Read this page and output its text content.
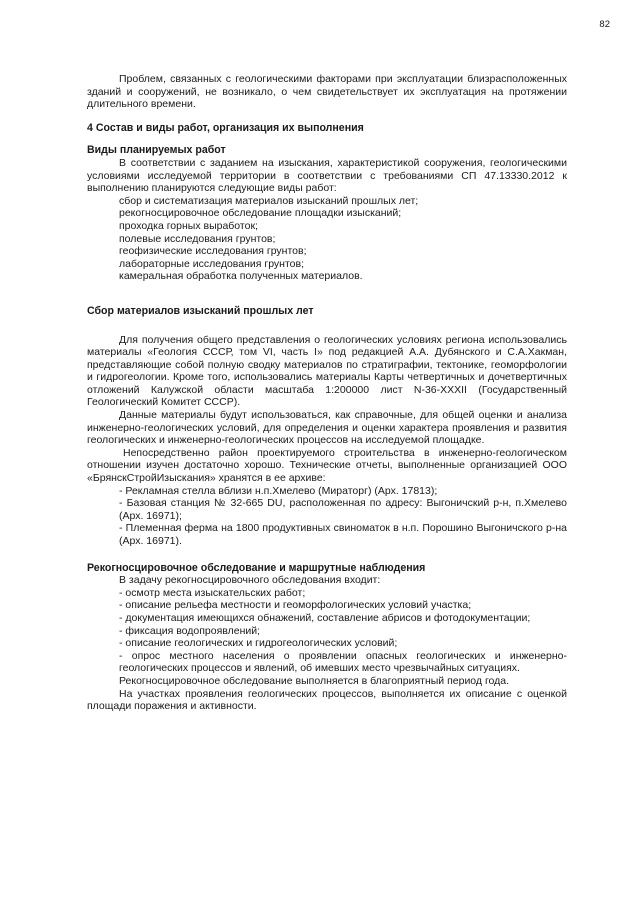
82

Проблем, связанных с геологическими факторами при эксплуатации близрасположенных зданий и сооружений, не возникало, о чем свидетельствует их эксплуатация на протяжении длительного времени.

4 Состав и виды работ, организация их выполнения
Виды планируемых работ

В соответствии с заданием на изыскания, характеристикой сооружения, геологическими условиями исследуемой территории в соответствии с требованиями СП 47.13330.2012 к выполнению планируются следующие виды работ:

сбор и систематизация материалов изысканий прошлых лет;

рекогносцировочное обследование площадки изысканий;

проходка горных выработок;

полевые исследования грунтов;

геофизические исследования грунтов;

лабораторные исследования грунтов;

камеральная обработка полученных материалов.

Сбор материалов изысканий прошлых лет

Для получения общего представления о геологических условиях региона использовались материалы «Геология СССР, том VI, часть I» под редакцией А.А. Дубянского и С.А.Хакман, представляющие собой полную сводку материалов по стратиграфии, тектонике, геоморфологии и гидрогеологии. Кроме того, использовались материалы Карты четвертичных и дочетвертичных отложений Калужской области масштаба 1:200000 лист N-36-XXXII (Государственный Геологический Комитет СССР).

Данные материалы будут использоваться, как справочные, для общей оценки и анализа инженерно-геологических условий, для определения и оценки характера проявления и развития геологических и инженерно-геологических процессов на исследуемой площадке.

Непосредственно район проектируемого строительства в инженерно-геологическом отношении изучен достаточно хорошо. Технические отчеты, выполненные организацией ООО «БрянскСтройИзыскания» хранятся в ее архиве:

- Рекламная стелла вблизи н.п.Хмелево (Мираторг) (Арх. 17813);

- Базовая станция № 32-665 DU, расположенная по адресу: Выгоничский р-н, п.Хмелево (Арх. 16971);

- Племенная ферма на 1800 продуктивных свиноматок в н.п. Порошино Выгоничского р-на (Арх. 16971).

Рекогносцировочное обследование и маршрутные наблюдения

В задачу рекогносцировочного обследования входит:

- осмотр места изыскательских работ;

- описание рельефа местности и геоморфологических условий участка;

- документация имеющихся обнажений, составление абрисов и фотодокументации;

- фиксация водопроявлений;

- описание геологических и гидрогеологических условий;

- опрос местного населения о проявлении опасных геологических и инженерно-геологических процессов и явлений, об имевших место чрезвычайных ситуациях.

Рекогносцировочное обследование выполняется в благоприятный период года.

На участках проявления геологических процессов, выполняется их описание с оценкой площади поражения и активности.
